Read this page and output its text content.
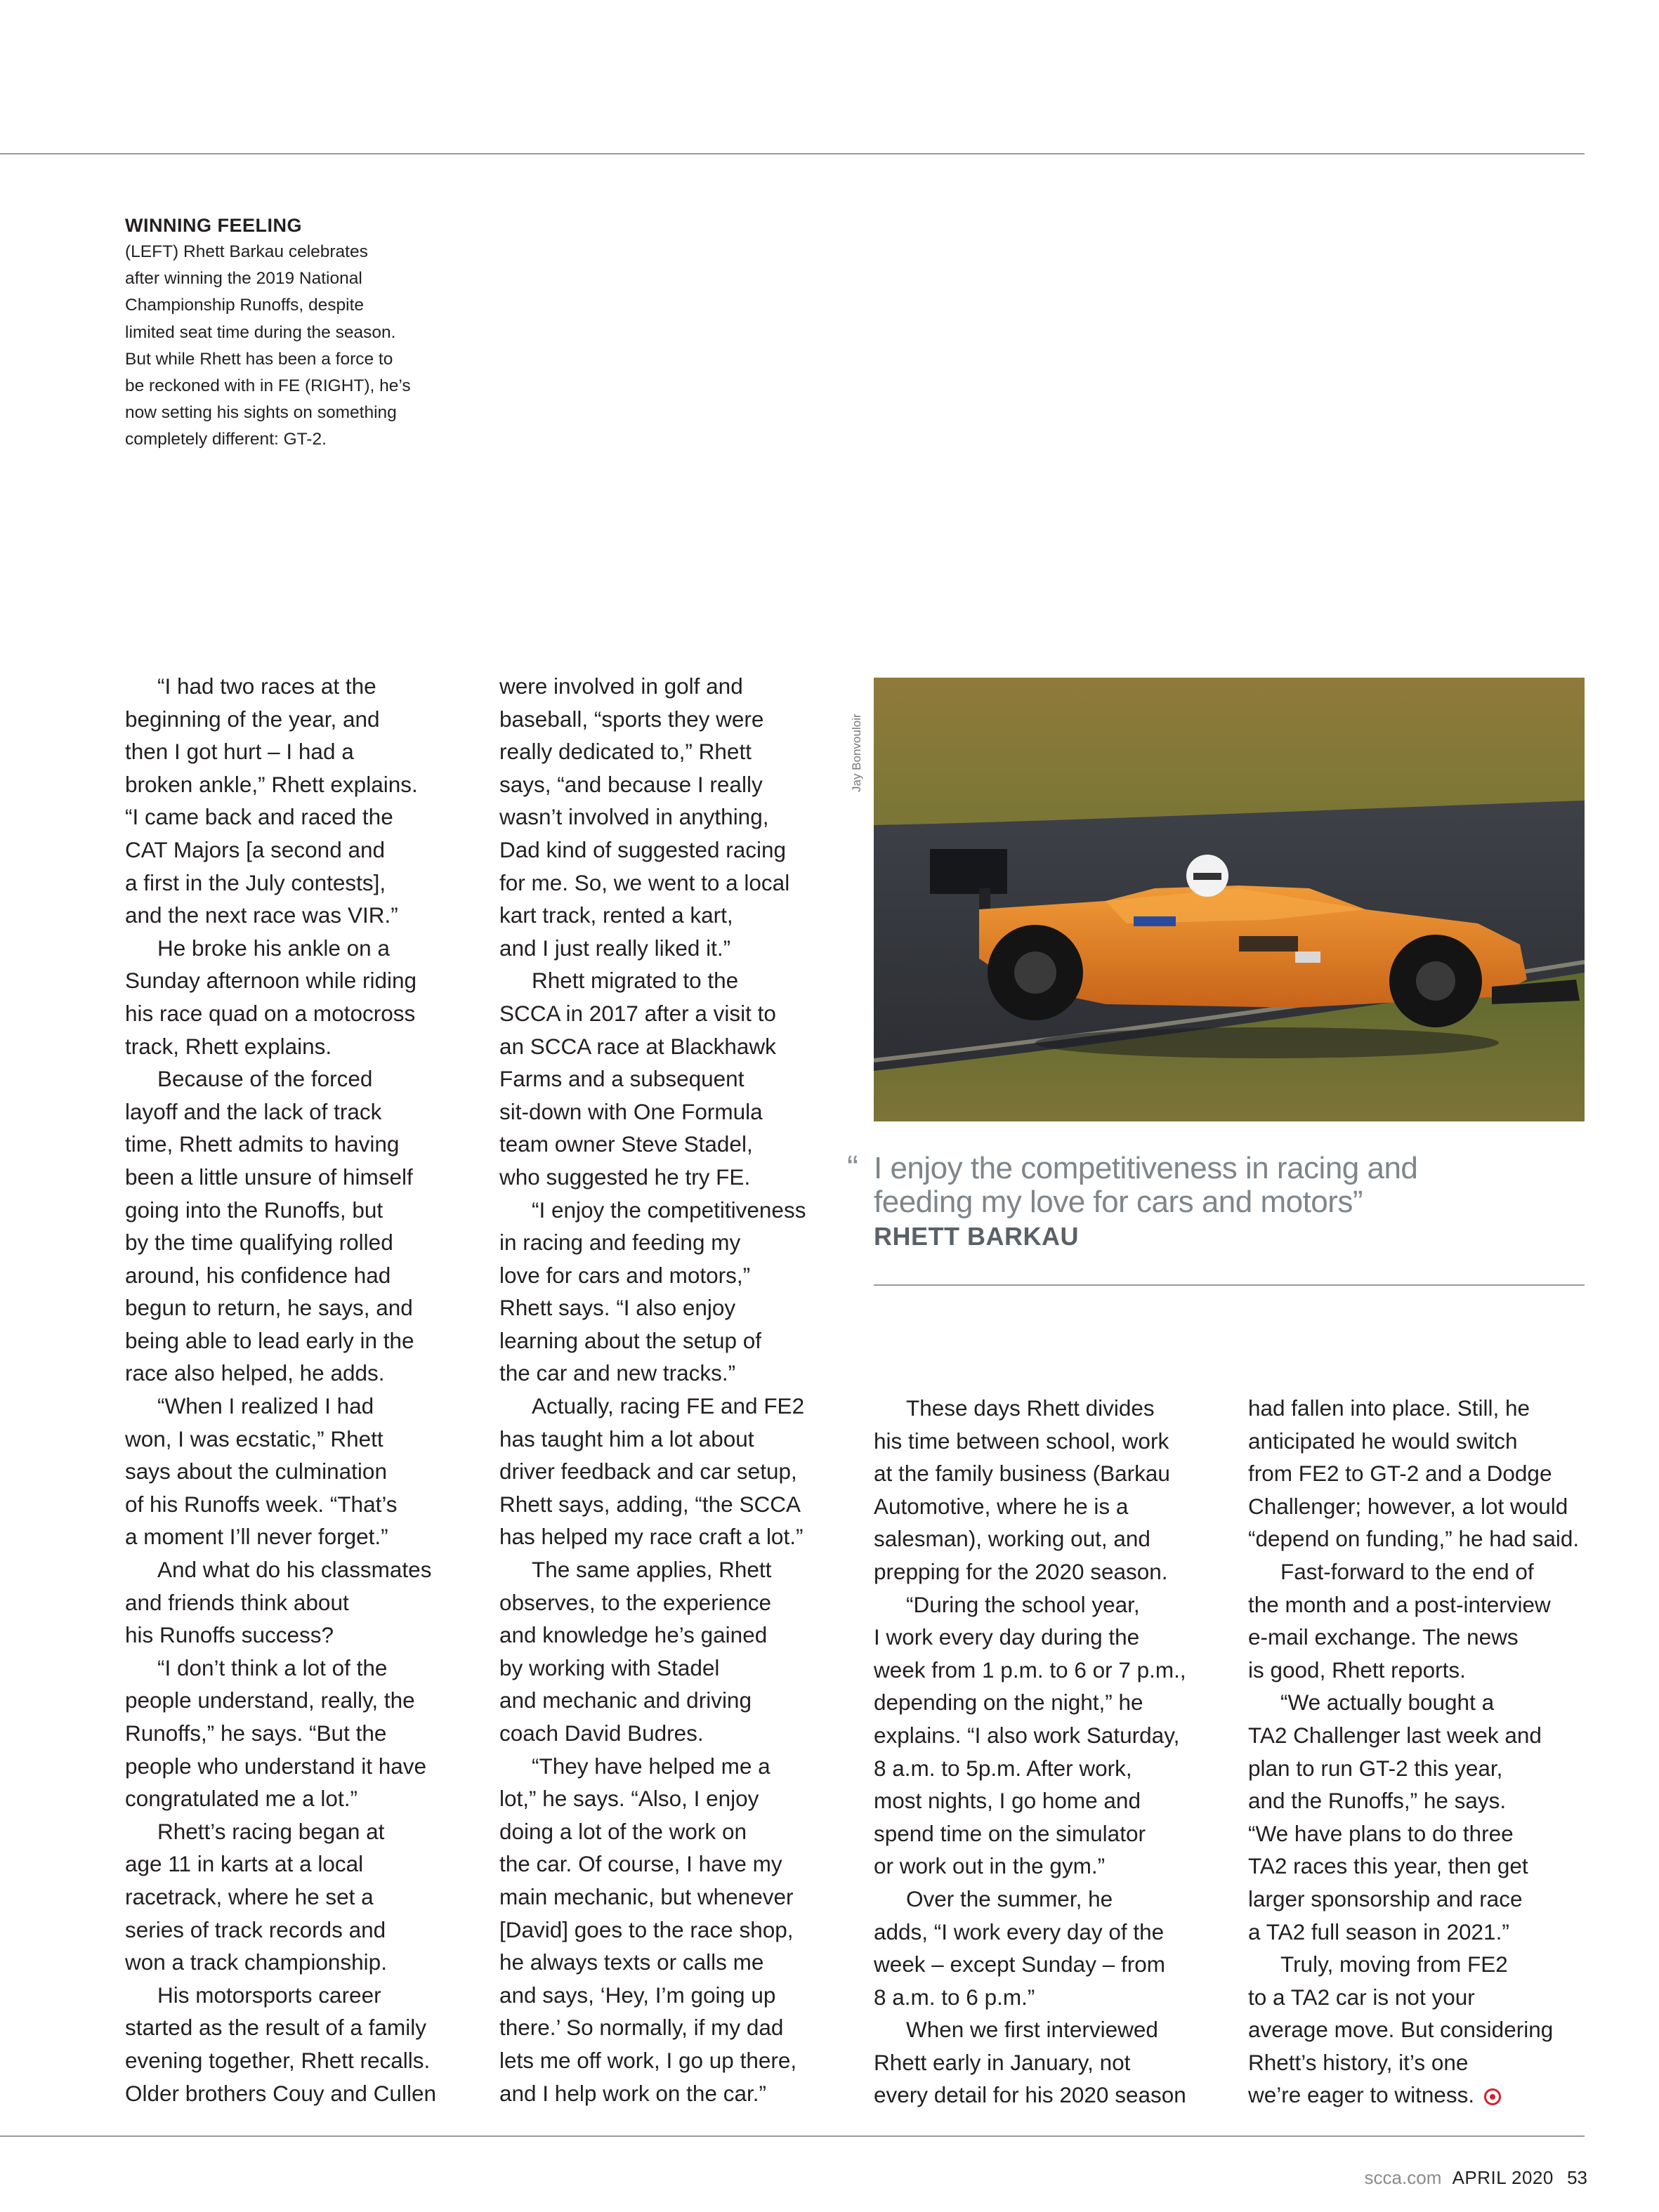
WINNING FEELING
(LEFT) Rhett Barkau celebrates
after winning the 2019 National
Championship Runoffs, despite
limited seat time during the season.
But while Rhett has been a force to
be reckoned with in FE (RIGHT), he’s
now setting his sights on something
completely different: GT-2.
“I had two races at the
beginning of the year, and
then I got hurt – I had a
broken ankle,” Rhett explains.
“I came back and raced the
CAT Majors [a second and
a first in the July contests],
and the next race was VIR.”
He broke his ankle on a
Sunday afternoon while riding
his race quad on a motocross
track, Rhett explains.
Because of the forced
layoff and the lack of track
time, Rhett admits to having
been a little unsure of himself
going into the Runoffs, but
by the time qualifying rolled
around, his confidence had
begun to return, he says, and
being able to lead early in the
race also helped, he adds.
“When I realized I had
won, I was ecstatic,” Rhett
says about the culmination
of his Runoffs week. “That’s
a moment I’ll never forget.”
And what do his classmates
and friends think about
his Runoffs success?
“I don’t think a lot of the
people understand, really, the
Runoffs,” he says. “But the
people who understand it have
congratulated me a lot.”
Rhett’s racing began at
age 11 in karts at a local
racetrack, where he set a
series of track records and
won a track championship.
His motorsports career
started as the result of a family
evening together, Rhett recalls.
Older brothers Couy and Cullen
were involved in golf and
baseball, “sports they were
really dedicated to,” Rhett
says, “and because I really
wasn’t involved in anything,
Dad kind of suggested racing
for me. So, we went to a local
kart track, rented a kart,
and I just really liked it.”
Rhett migrated to the
SCCA in 2017 after a visit to
an SCCA race at Blackhawk
Farms and a subsequent
sit-down with One Formula
team owner Steve Stadel,
who suggested he try FE.
“I enjoy the competitiveness
in racing and feeding my
love for cars and motors,”
Rhett says. “I also enjoy
learning about the setup of
the car and new tracks.”
Actually, racing FE and FE2
has taught him a lot about
driver feedback and car setup,
Rhett says, adding, “the SCCA
has helped my race craft a lot.”
The same applies, Rhett
observes, to the experience
and knowledge he’s gained
by working with Stadel
and mechanic and driving
coach David Budres.
“They have helped me a
lot,” he says. “Also, I enjoy
doing a lot of the work on
the car. Of course, I have my
main mechanic, but whenever
[David] goes to the race shop,
he always texts or calls me
and says, ‘Hey, I’m going up
there.’ So normally, if my dad
lets me off work, I go up there,
and I help work on the car.”
Jay Bonvouloir
“ I enjoy the competitiveness in racing and
feeding my love for cars and motors”
RHETT BARKAU
These days Rhett divides
his time between school, work
at the family business (Barkau
Automotive, where he is a
salesman), working out, and
prepping for the 2020 season.
“During the school year,
I work every day during the
week from 1 p.m. to 6 or 7 p.m.,
depending on the night,” he
explains. “I also work Saturday,
8 a.m. to 5p.m. After work,
most nights, I go home and
spend time on the simulator
or work out in the gym.”
Over the summer, he
adds, “I work every day of the
week – except Sunday – from
8 a.m. to 6 p.m.”
When we first interviewed
Rhett early in January, not
every detail for his 2020 season
had fallen into place. Still, he
anticipated he would switch
from FE2 to GT-2 and a Dodge
Challenger; however, a lot would
“depend on funding,” he had said.
Fast-forward to the end of
the month and a post-interview
e-mail exchange. The news
is good, Rhett reports.
“We actually bought a
TA2 Challenger last week and
plan to run GT-2 this year,
and the Runoffs,” he says.
“We have plans to do three
TA2 races this year, then get
larger sponsorship and race
a TA2 full season in 2021.”
Truly, moving from FE2
to a TA2 car is not your
average move. But considering
Rhett’s history, it’s one
we’re eager to witness.
scca.com APRIL 2020 53
